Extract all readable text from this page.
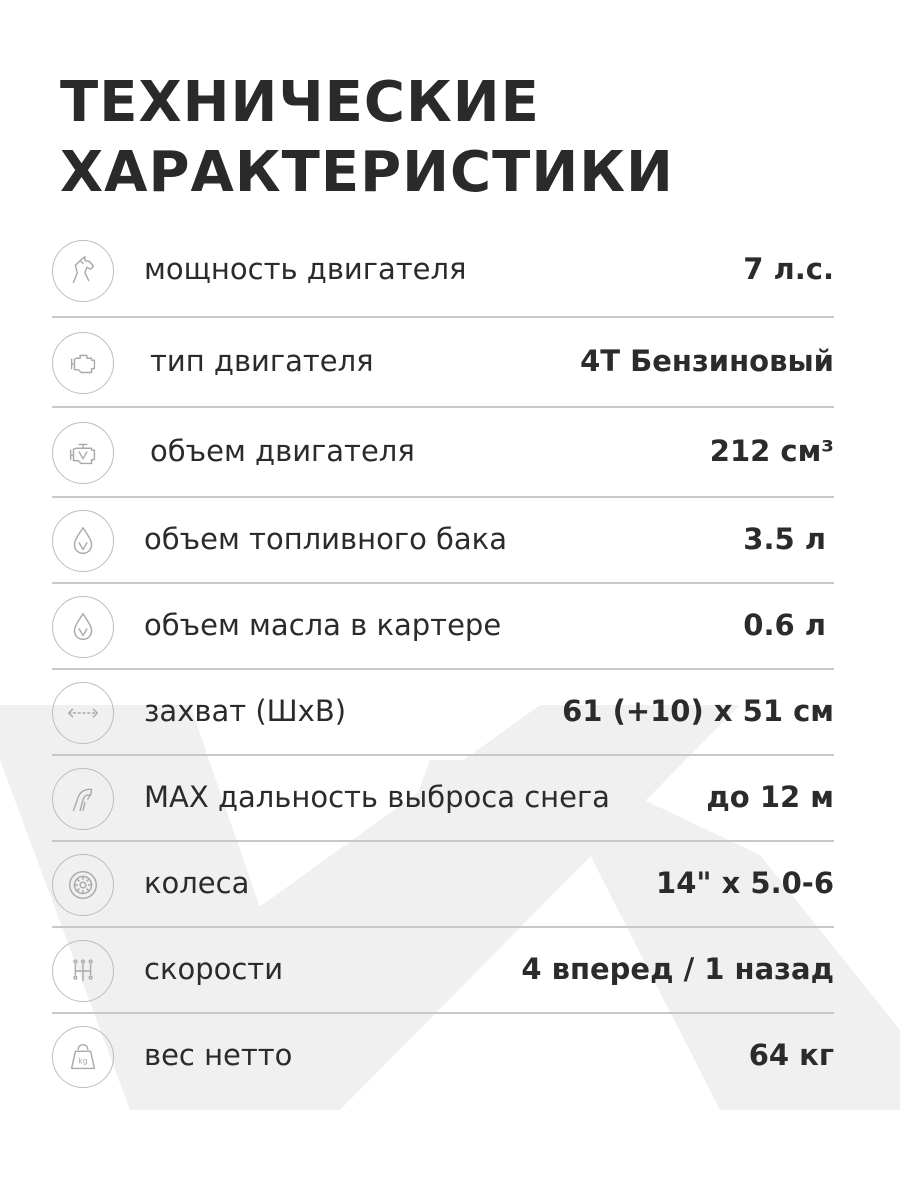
ТЕХНИЧЕСКИЕ
ХАРАКТЕРИСТИКИ
мощность двигателя	7 л.с.
тип двигателя	4Т Бензиновый
объем двигателя	212 см³
объем топливного бака	3.5 л
объем масла в картере	0.6 л
захват (ШхВ)	61 (+10) х 51 см
MAX дальность выброса снега	до 12 м
колеса	14" х 5.0-6
скорости	4 вперед / 1 назад
kg вес нетто	64 кг
